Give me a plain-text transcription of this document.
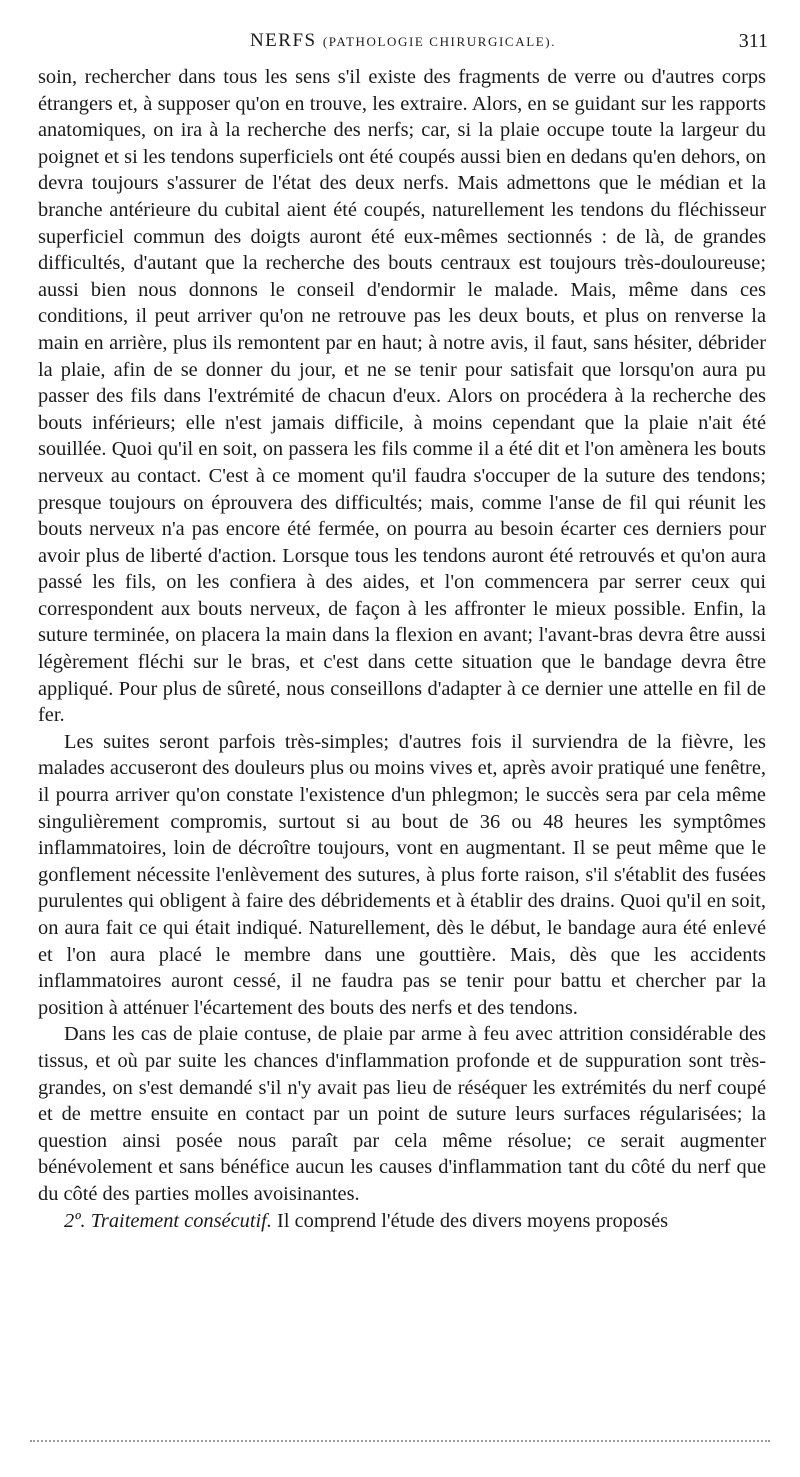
NERFS (PATHOLOGIE CHIRURGICALE).	311

soin, rechercher dans tous les sens s'il existe des fragments de verre ou d'autres corps étrangers et, à supposer qu'on en trouve, les extraire. Alors, en se guidant sur les rapports anatomiques, on ira à la recherche des nerfs; car, si la plaie occupe toute la largeur du poignet et si les tendons superficiels ont été coupés aussi bien en dedans qu'en dehors, on devra toujours s'assurer de l'état des deux nerfs. Mais admettons que le médian et la branche antérieure du cubital aient été coupés, naturellement les tendons du fléchisseur superficiel commun des doigts auront été eux-mêmes sectionnés : de là, de grandes difficultés, d'autant que la recherche des bouts centraux est toujours très-douloureuse; aussi bien nous donnons le conseil d'endormir le malade. Mais, même dans ces conditions, il peut arriver qu'on ne retrouve pas les deux bouts, et plus on renverse la main en arrière, plus ils remontent par en haut; à notre avis, il faut, sans hésiter, débrider la plaie, afin de se donner du jour, et ne se tenir pour satisfait que lorsqu'on aura pu passer des fils dans l'extrémité de chacun d'eux. Alors on procédera à la recherche des bouts inférieurs; elle n'est jamais difficile, à moins cependant que la plaie n'ait été souillée. Quoi qu'il en soit, on passera les fils comme il a été dit et l'on amènera les bouts nerveux au contact. C'est à ce moment qu'il faudra s'occuper de la suture des tendons; presque toujours on éprouvera des difficultés; mais, comme l'anse de fil qui réunit les bouts nerveux n'a pas encore été fermée, on pourra au besoin écarter ces derniers pour avoir plus de liberté d'action. Lorsque tous les tendons auront été retrouvés et qu'on aura passé les fils, on les confiera à des aides, et l'on commencera par serrer ceux qui correspondent aux bouts nerveux, de façon à les affronter le mieux possible. Enfin, la suture terminée, on placera la main dans la flexion en avant; l'avant-bras devra être aussi légèrement fléchi sur le bras, et c'est dans cette situation que le bandage devra être appliqué. Pour plus de sûreté, nous conseillons d'adapter à ce dernier une attelle en fil de fer.

Les suites seront parfois très-simples; d'autres fois il surviendra de la fièvre, les malades accuseront des douleurs plus ou moins vives et, après avoir pratiqué une fenêtre, il pourra arriver qu'on constate l'existence d'un phlegmon; le succès sera par cela même singulièrement compromis, surtout si au bout de 36 ou 48 heures les symptômes inflammatoires, loin de décroître toujours, vont en augmentant. Il se peut même que le gonflement nécessite l'enlèvement des sutures, à plus forte raison, s'il s'établit des fusées purulentes qui obligent à faire des débridements et à établir des drains. Quoi qu'il en soit, on aura fait ce qui était indiqué. Naturellement, dès le début, le bandage aura été enlevé et l'on aura placé le membre dans une gouttière. Mais, dès que les accidents inflammatoires auront cessé, il ne faudra pas se tenir pour battu et chercher par la position à atténuer l'écartement des bouts des nerfs et des tendons.

Dans les cas de plaie contuse, de plaie par arme à feu avec attrition considérable des tissus, et où par suite les chances d'inflammation profonde et de suppuration sont très-grandes, on s'est demandé s'il n'y avait pas lieu de réséquer les extrémités du nerf coupé et de mettre ensuite en contact par un point de suture leurs surfaces régularisées; la question ainsi posée nous paraît par cela même résolue; ce serait augmenter bénévolement et sans bénéfice aucun les causes d'inflammation tant du côté du nerf que du côté des parties molles avoisinantes.

2º. Traitement consécutif. Il comprend l'étude des divers moyens proposés
